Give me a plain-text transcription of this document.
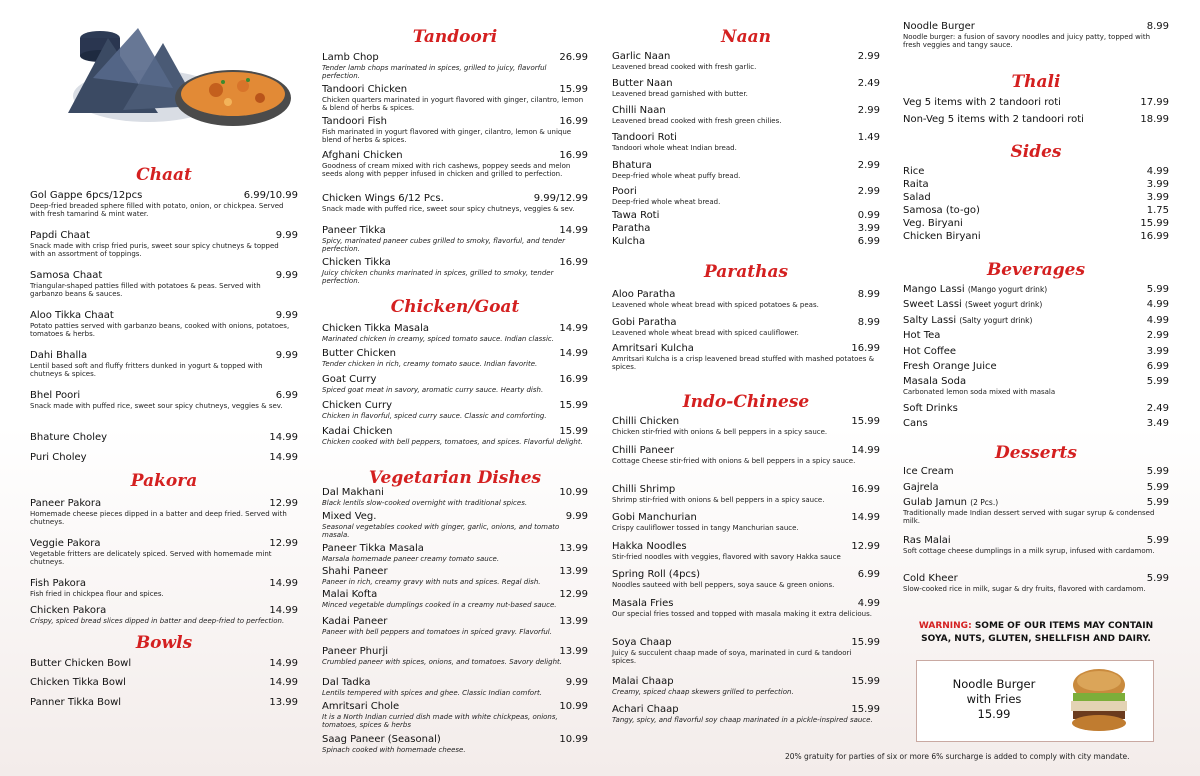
Chaat
Gol Gappe 6pcs/12pcs	6.99/10.99
Deep-fried breaded sphere filled with potato, onion, or chickpea. Served with fresh tamarind & mint water.
Papdi Chaat	9.99
Snack made with crisp fried puris, sweet sour spicy chutneys & topped with an assortment of toppings.
Samosa Chaat	9.99
Triangular-shaped patties filled with potatoes & peas. Served with garbanzo beans & sauces.
Aloo Tikka Chaat	9.99
Potato patties served with garbanzo beans, cooked with onions, potatoes, tomatoes & herbs.
Dahi Bhalla	9.99
Lentil based soft and fluffy fritters dunked in yogurt & topped with chutneys & spices.
Bhel Poori	6.99
Snack made with puffed rice, sweet sour spicy chutneys, veggies & sev.
Bhature Choley	14.99
Puri Choley	14.99
Pakora
Paneer Pakora	12.99
Homemade cheese pieces dipped in a batter and deep fried. Served with chutneys.
Veggie Pakora	12.99
Vegetable fritters are delicately spiced. Served with homemade mint chutneys.
Fish Pakora	14.99
Fish fried in chickpea flour and spices.
Chicken Pakora	14.99
Crispy, spiced bread slices dipped in batter and deep-fried to perfection.
Bowls
Butter Chicken Bowl	14.99
Chicken Tikka Bowl	14.99
Panner Tikka Bowl	13.99
Tandoori
Lamb Chop	26.99
Tender lamb chops marinated in spices, grilled to juicy, flavorful perfection.
Tandoori Chicken	15.99
Chicken quarters marinated in yogurt flavored with ginger, cilantro, lemon & blend of herbs & spices.
Tandoori Fish	16.99
Fish marinated in yogurt flavored with ginger, cilantro, lemon & unique blend of herbs & spices.
Afghani Chicken	16.99
Goodness of cream mixed with rich cashews, poppey seeds and melon seeds along with pepper infused in chicken and grilled to perfection.
Chicken Wings 6/12 Pcs.	9.99/12.99
Snack made with puffed rice, sweet sour spicy chutneys, veggies & sev.
Paneer Tikka	14.99
Spicy, marinated paneer cubes grilled to smoky, flavorful, and tender perfection.
Chicken Tikka	16.99
Juicy chicken chunks marinated in spices, grilled to smoky, tender perfection.
Chicken/Goat
Chicken Tikka Masala	14.99
Marinated chicken in creamy, spiced tomato sauce. Indian classic.
Butter Chicken	14.99
Tender chicken in rich, creamy tomato sauce. Indian favorite.
Goat Curry	16.99
Spiced goat meat in savory, aromatic curry sauce. Hearty dish.
Chicken Curry	15.99
Chicken in flavorful, spiced curry sauce. Classic and comforting.
Kadai Chicken	15.99
Chicken cooked with bell peppers, tomatoes, and spices. Flavorful delight.
Vegetarian Dishes
Dal Makhani	10.99
Black lentils slow-cooked overnight with traditional spices.
Mixed Veg.	9.99
Seasonal vegetables cooked with ginger, garlic, onions, and tomato masala.
Paneer Tikka Masala	13.99
Marsala homemade paneer creamy tomato sauce.
Shahi Paneer	13.99
Paneer in rich, creamy gravy with nuts and spices. Regal dish.
Malai Kofta	12.99
Minced vegetable dumplings cooked in a creamy nut-based sauce.
Kadai Paneer	13.99
Paneer with bell peppers and tomatoes in spiced gravy. Flavorful.
Paneer Phurji	13.99
Crumbled paneer with spices, onions, and tomatoes. Savory delight.
Dal Tadka	9.99
Lentils tempered with spices and ghee. Classic Indian comfort.
Amritsari Chole	10.99
It is a North Indian curried dish made with white chickpeas, onions, tomatoes, spices & herbs
Saag Paneer (Seasonal)	10.99
Spinach cooked with homemade cheese.
Naan
Garlic Naan	2.99
Leavened bread cooked with fresh garlic.
Butter Naan	2.49
Leavened bread garnished with butter.
Chilli Naan	2.99
Leavened bread cooked with fresh green chilies.
Tandoori Roti	1.49
Tandoori whole wheat Indian bread.
Bhatura	2.99
Deep-fried whole wheat puffy bread.
Poori	2.99
Deep-fried whole wheat bread.
Tawa Roti	0.99
Paratha	3.99
Kulcha	6.99
Parathas
Aloo Paratha	8.99
Leavened whole wheat bread with spiced potatoes & peas.
Gobi Paratha	8.99
Leavened whole wheat bread with spiced cauliflower.
Amritsari Kulcha	16.99
Amritsari Kulcha is a crisp leavened bread stuffed with mashed potatoes & spices.
Indo-Chinese
Chilli Chicken	15.99
Chicken stir-fried with onions & bell peppers in a spicy sauce.
Chilli Paneer	14.99
Cottage Cheese stir-fried with onions & bell peppers in a spicy sauce.
Chilli Shrimp	16.99
Shrimp stir-fried with onions & bell peppers in a spicy sauce.
Gobi Manchurian	14.99
Crispy cauliflower tossed in tangy Manchurian sauce.
Hakka Noodles	12.99
Stir-fried noodles with veggies, flavored with savory Hakka sauce
Spring Roll (4pcs)	6.99
Noodles sauteed with bell peppers, soya sauce & green onions.
Masala Fries	4.99
Our special fries tossed and topped with masala making it extra delicious.
Soya Chaap	15.99
Juicy & succulent chaap made of soya, marinated in curd & tandoori spices.
Malai Chaap	15.99
Creamy, spiced chaap skewers grilled to perfection.
Achari Chaap	15.99
Tangy, spicy, and flavorful soy chaap marinated in a pickle-inspired sauce.
Noodle Burger	8.99
Noodle burger: a fusion of savory noodles and juicy patty, topped with fresh veggies and tangy sauce.
Thali
Veg 5 items with 2 tandoori roti	17.99
Non-Veg 5 items with 2 tandoori roti	18.99
Sides
Rice	4.99
Raita	3.99
Salad	3.99
Samosa (to-go)	1.75
Veg. Biryani	15.99
Chicken Biryani	16.99
Beverages
Mango Lassi (Mango yogurt drink)	5.99
Sweet Lassi (Sweet yogurt drink)	4.99
Salty Lassi (Salty yogurt drink)	4.99
Hot Tea	2.99
Hot Coffee	3.99
Fresh Orange Juice	6.99
Masala Soda	5.99
Carbonated lemon soda mixed with masala
Soft Drinks	2.49
Cans	3.49
Desserts
Ice Cream	5.99
Gajrela	5.99
Gulab Jamun (2 Pcs.)	5.99
Traditionally made Indian dessert served with sugar syrup & condensed milk.
Ras Malai	5.99
Soft cottage cheese dumplings in a milk syrup, infused with cardamom.
Cold Kheer	5.99
Slow-cooked rice in milk, sugar & dry fruits, flavored with cardamom.
WARNING: SOME OF OUR ITEMS MAY CONTAIN
SOYA, NUTS, GLUTEN, SHELLFISH AND DAIRY.
Noodle Burger
with Fries
15.99
20% gratuity for parties of six or more 6% surcharge is added to comply with city mandate.
